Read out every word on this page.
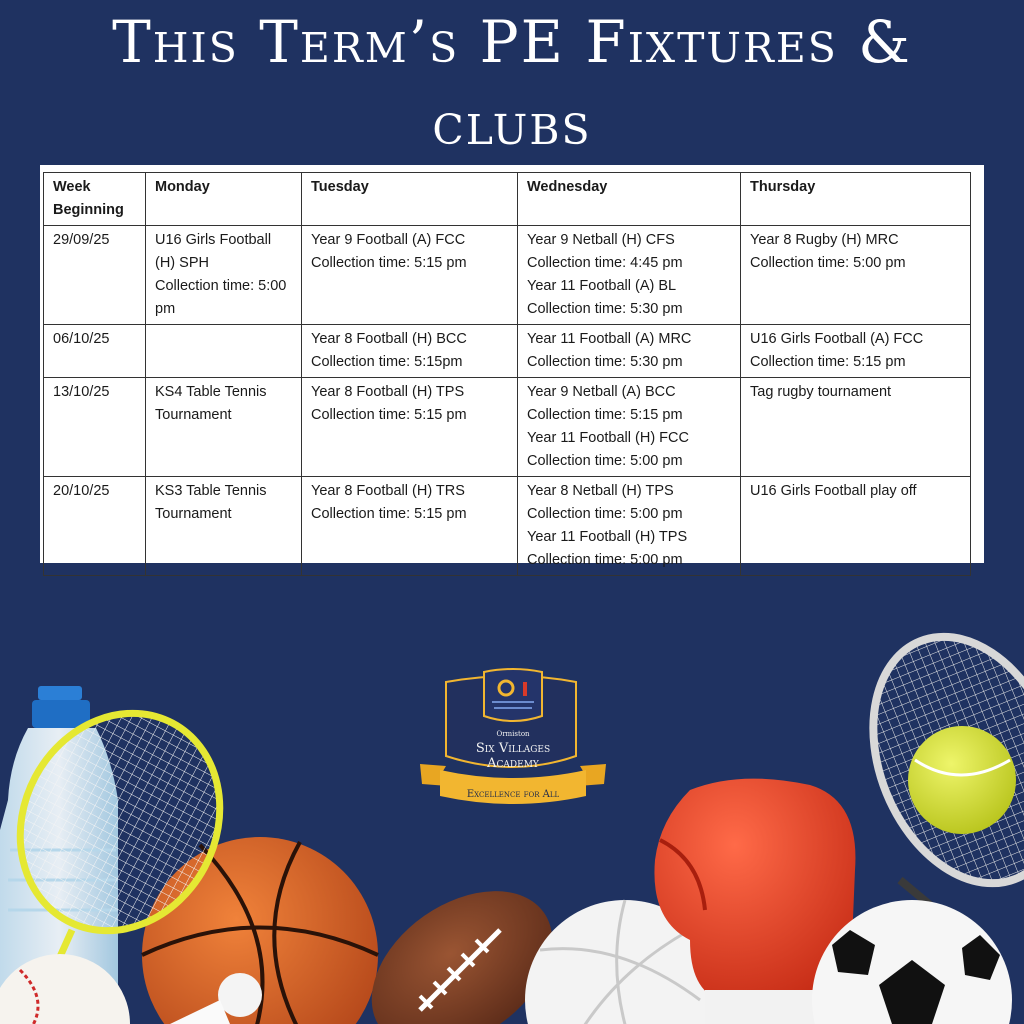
This Term’s PE Fixtures &
clubs
Week Beginning	Monday	Tuesday	Wednesday	Thursday
29/09/25	U16 Girls Football (H) SPH
Collection time: 5:00 pm	Year 9 Football (A) FCC
Collection time: 5:15 pm	Year 9 Netball (H) CFS
Collection time: 4:45 pm
Year 11 Football (A) BL
Collection time: 5:30 pm	Year 8 Rugby (H) MRC
Collection time: 5:00 pm

06/10/25		Year 8 Football (H) BCC
Collection time: 5:15pm	Year 11 Football (A) MRC
Collection time: 5:30 pm	U16 Girls Football (A) FCC
Collection time: 5:15 pm

13/10/25	KS4 Table Tennis Tournament	Year 8 Football (H) TPS
Collection time: 5:15 pm	Year 9 Netball (A) BCC
Collection time: 5:15 pm
Year 11 Football (H) FCC
Collection time: 5:00 pm	Tag rugby tournament

20/10/25	KS3 Table Tennis Tournament	Year 8 Football (H) TRS
Collection time: 5:15 pm	Year 8 Netball (H) TPS
Collection time: 5:00 pm
Year 11 Football (H) TPS
Collection time: 5:00 pm	U16 Girls Football play off
Ormiston
Six Villages
Academy
Excellence for All
